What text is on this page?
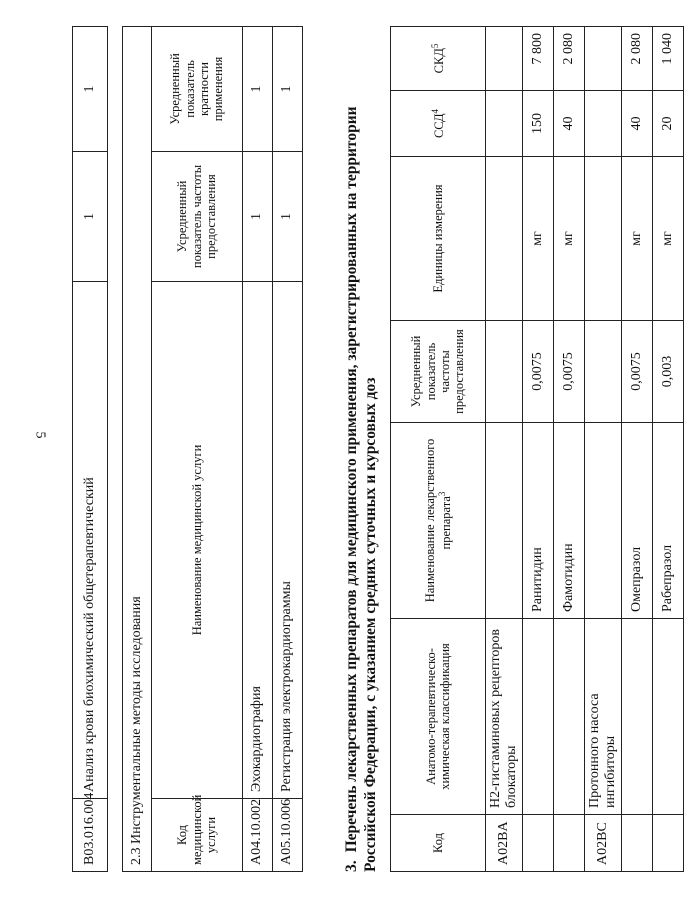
5
B03.016.004	Анализ крови биохимический общетерапевтический	1	1
2.3 Инструментальные методы исследования			
Код медицинской услуги	Наименование медицинской услуги	Усредненный показатель частоты предоставления	Усредненный показатель кратности применения
A04.10.002	Эхокардиография	1	1
A05.10.006	Регистрация электрокардиограммы	1	1
3.Перечень лекарственных препаратов для медицинского применения, зарегистрированных на территории Российской Федерации, с указанием средних суточных и курсовых доз	Код	Анатомо-терапевтическо-химическая классификация	Наименование лекарственного препарата$^3$	Усредненный показатель частоты предоставления	Единицы измерения	ССД$^4$	СКД$^5$
A02BA	H2-гистаминовых рецепторов блокаторы					
		Ранитидин	0,0075	мг	150	7 800
		Фамотидин	0,0075	мг	40	2 080
A02BC	Протонного насоса ингибиторы					
		Омепразол	0,0075	мг	40	2 080
		Рабепразол	0,003	мг	20	1 040
